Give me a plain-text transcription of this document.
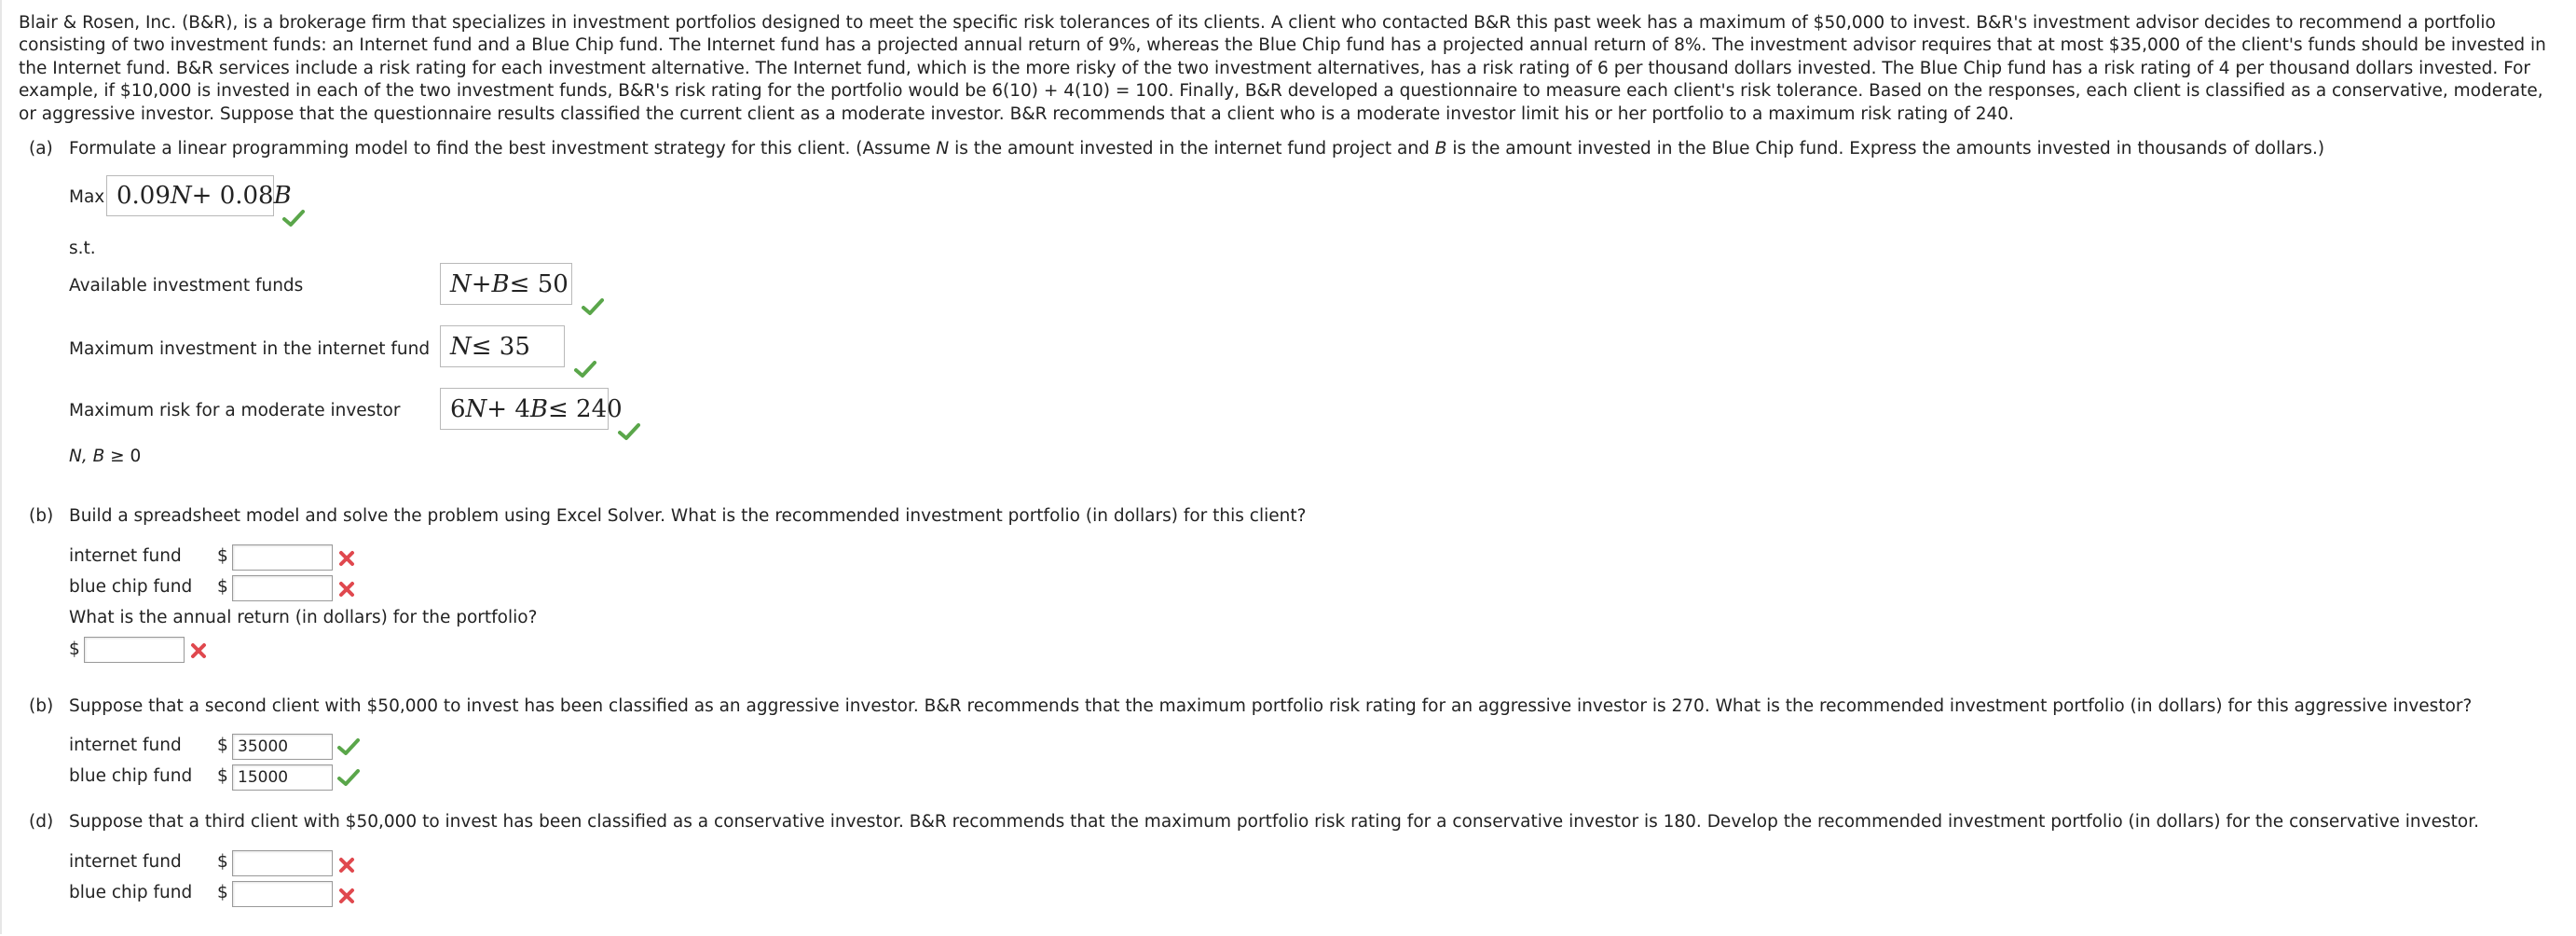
Blair & Rosen, Inc. (B&R), is a brokerage firm that specializes in investment portfolios designed to meet the specific risk tolerances of its clients. A client who contacted B&R this past week has a maximum of $50,000 to invest. B&R's investment advisor decides to recommend a portfolio consisting of two investment funds: an Internet fund and a Blue Chip fund. The Internet fund has a projected annual return of 9%, whereas the Blue Chip fund has a projected annual return of 8%. The investment advisor requires that at most $35,000 of the client's funds should be invested in the Internet fund. B&R services include a risk rating for each investment alternative. The Internet fund, which is the more risky of the two investment alternatives, has a risk rating of 6 per thousand dollars invested. The Blue Chip fund has a risk rating of 4 per thousand dollars invested. For example, if $10,000 is invested in each of the two investment funds, B&R's risk rating for the portfolio would be 6(10) + 4(10) = 100. Finally, B&R developed a questionnaire to measure each client's risk tolerance. Based on the responses, each client is classified as a conservative, moderate, or aggressive investor. Suppose that the questionnaire results classified the current client as a moderate investor. B&R recommends that a client who is a moderate investor limit his or her portfolio to a maximum risk rating of 240.
(a) Formulate a linear programming model to find the best investment strategy for this client. (Assume N is the amount invested in the internet fund project and B is the amount invested in the Blue Chip fund. Express the amounts invested in thousands of dollars.)
Max 0.09 N + 0.08 B
s.t.
Available investment funds	N + B ≤ 50
Maximum investment in the internet fund N ≤ 35
Maximum risk for a moderate investor 6 N + 4 B ≤ 240
N, B ≥ 0
(b) Build a spreadsheet model and solve the problem using Excel Solver. What is the recommended investment portfolio (in dollars) for this client?
internet fund $
blue chip fund $
What is the annual return (in dollars) for the portfolio?
$
(b) Suppose that a second client with $50,000 to invest has been classified as an aggressive investor. B&R recommends that the maximum portfolio risk rating for an aggressive investor is 270. What is the recommended investment portfolio (in dollars) for this aggressive investor?
internet fund $
35000
blue chip fund $
15000
(d) Suppose that a third client with $50,000 to invest has been classified as a conservative investor. B&R recommends that the maximum portfolio risk rating for a conservative investor is 180. Develop the recommended investment portfolio (in dollars) for the conservative investor.
internet fund $
blue chip fund $
